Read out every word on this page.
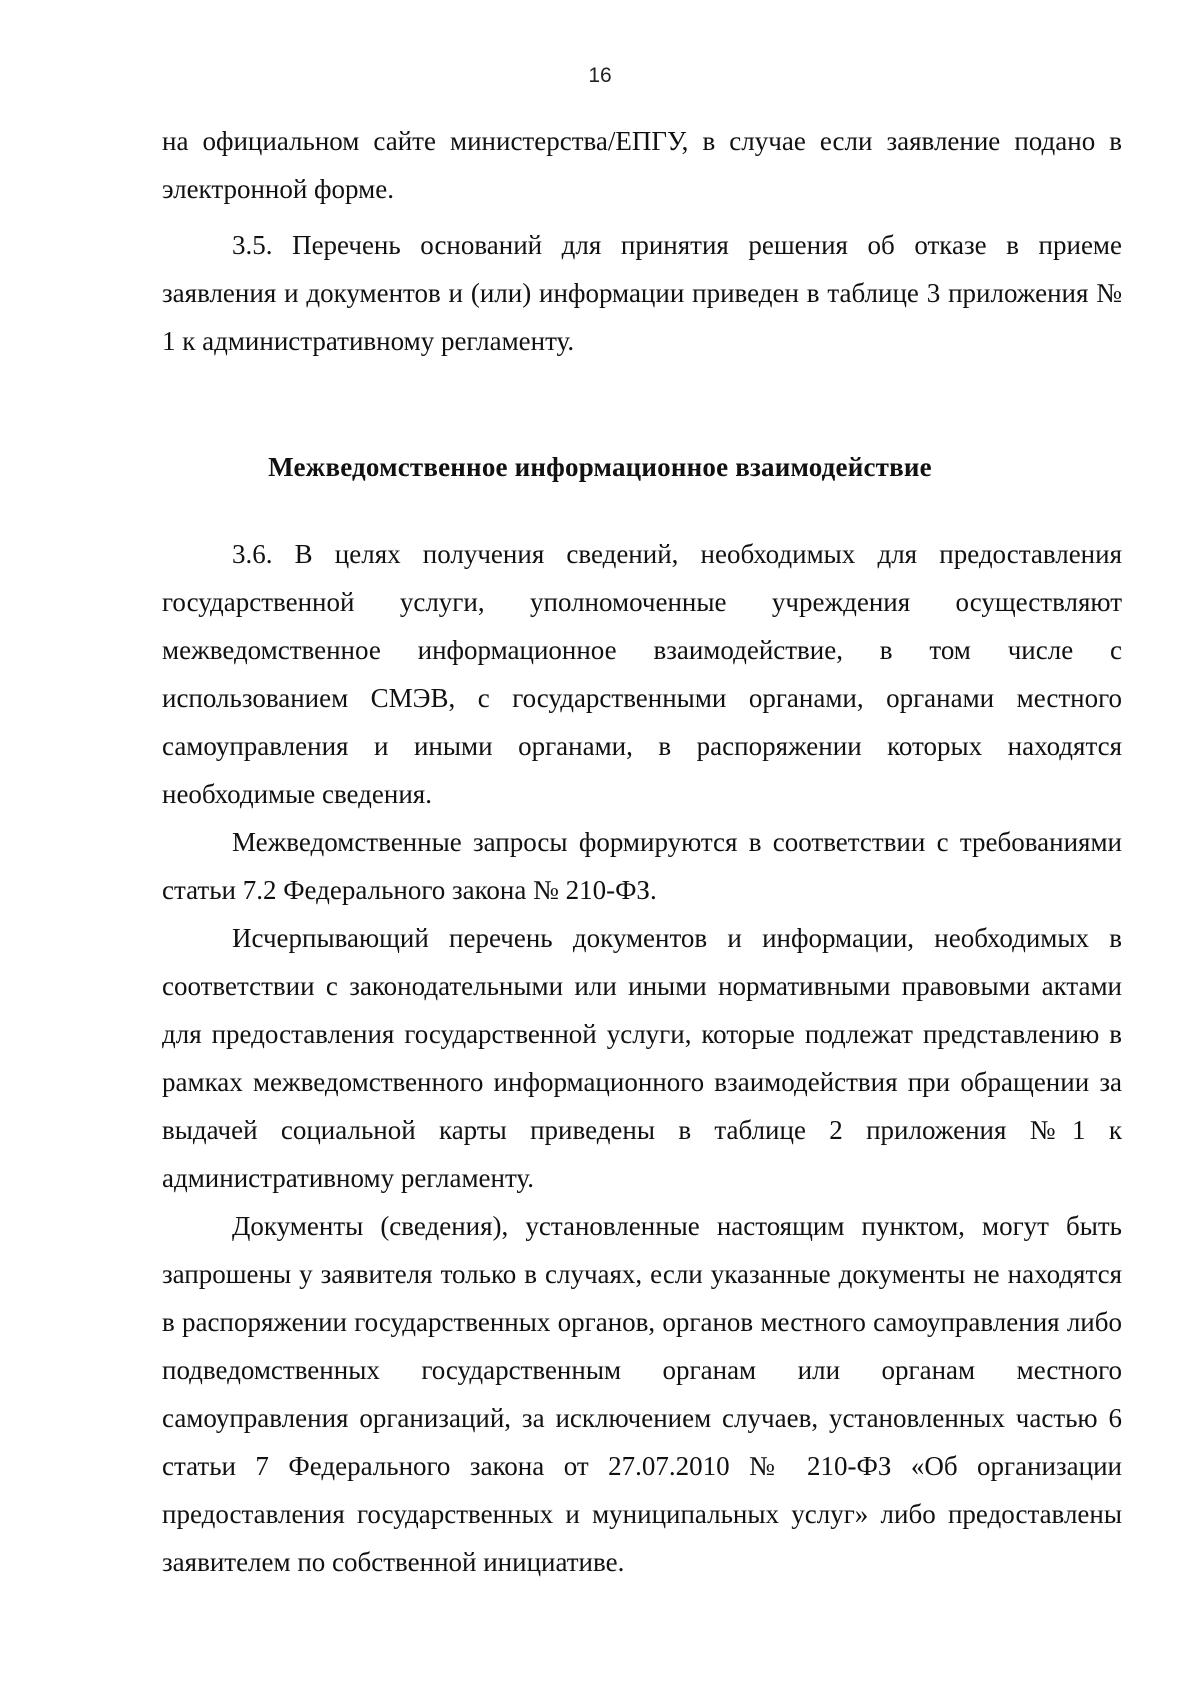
16

на официальном сайте министерства/ЕПГУ, в случае если заявление подано в электронной форме.

3.5. Перечень оснований для принятия решения об отказе в приеме заявления и документов и (или) информации приведен в таблице 3 приложения № 1 к административному регламенту.

Межведомственное информационное взаимодействие

3.6. В целях получения сведений, необходимых для предоставления государственной услуги, уполномоченные учреждения осуществляют межведомственное информационное взаимодействие, в том числе с использованием СМЭВ, с государственными органами, органами местного самоуправления и иными органами, в распоряжении которых находятся необходимые сведения.

Межведомственные запросы формируются в соответствии с требованиями статьи 7.2 Федерального закона № 210-ФЗ.

Исчерпывающий перечень документов и информации, необходимых в соответствии с законодательными или иными нормативными правовыми актами для предоставления государственной услуги, которые подлежат представлению в рамках межведомственного информационного взаимодействия при обращении за выдачей социальной карты приведены в таблице 2 приложения №1 к административному регламенту.

Документы (сведения), установленные настоящим пунктом, могут быть запрошены у заявителя только в случаях, если указанные документы не находятся в распоряжении государственных органов, органов местного самоуправления либо подведомственных государственным органам или органам местного самоуправления организаций, за исключением случаев, установленных частью 6 статьи 7 Федерального закона от 27.07.2010 № 210-ФЗ «Об организации предоставления государственных и муниципальных услуг» либо предоставлены заявителем по собственной инициативе.
